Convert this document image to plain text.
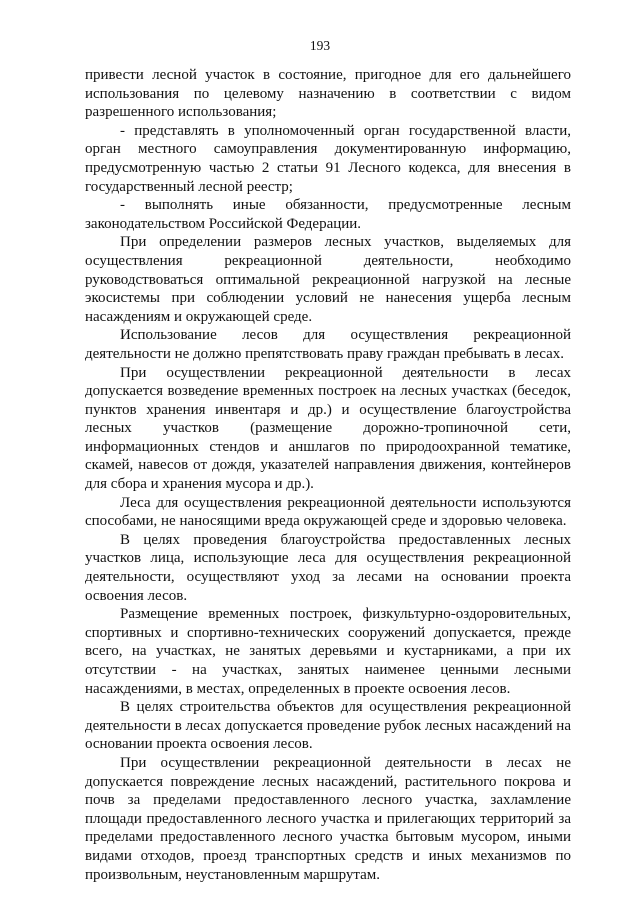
193

привести лесной участок в состояние, пригодное для его дальнейшего использования по целевому назначению в соответствии с видом разрешенного использования;

- представлять в уполномоченный орган государственной власти, орган местного самоуправления документированную информацию, предусмотренную частью 2 статьи 91 Лесного кодекса, для внесения в государственный лесной реестр;

- выполнять иные обязанности, предусмотренные лесным законодательством Российской Федерации.

При определении размеров лесных участков, выделяемых для осуществления рекреационной деятельности, необходимо руководствоваться оптимальной рекреационной нагрузкой на лесные экосистемы при соблюдении условий не нанесения ущерба лесным насаждениям и окружающей среде.

Использование лесов для осуществления рекреационной деятельности не должно препятствовать праву граждан пребывать в лесах.

При осуществлении рекреационной деятельности в лесах допускается возведение временных построек на лесных участках (беседок, пунктов хранения инвентаря и др.) и осуществление благоустройства лесных участков (размещение дорожно-тропиночной сети, информационных стендов и аншлагов по природоохранной тематике, скамей, навесов от дождя, указателей направления движения, контейнеров для сбора и хранения мусора и др.).

Леса для осуществления рекреационной деятельности используются способами, не наносящими вреда окружающей среде и здоровью человека.

В целях проведения благоустройства предоставленных лесных участков лица, использующие леса для осуществления рекреационной деятельности, осуществляют уход за лесами на основании проекта освоения лесов.

Размещение временных построек, физкультурно-оздоровительных, спортивных и спортивно-технических сооружений допускается, прежде всего, на участках, не занятых деревьями и кустарниками, а при их отсутствии - на участках, занятых наименее ценными лесными насаждениями, в местах, определенных в проекте освоения лесов.

В целях строительства объектов для осуществления рекреационной деятельности в лесах допускается проведение рубок лесных насаждений на основании проекта освоения лесов.

При осуществлении рекреационной деятельности в лесах не допускается повреждение лесных насаждений, растительного покрова и почв за пределами предоставленного лесного участка, захламление площади предоставленного лесного участка и прилегающих территорий за пределами предоставленного лесного участка бытовым мусором, иными видами отходов, проезд транспортных средств и иных механизмов по произвольным, неустановленным маршрутам.
